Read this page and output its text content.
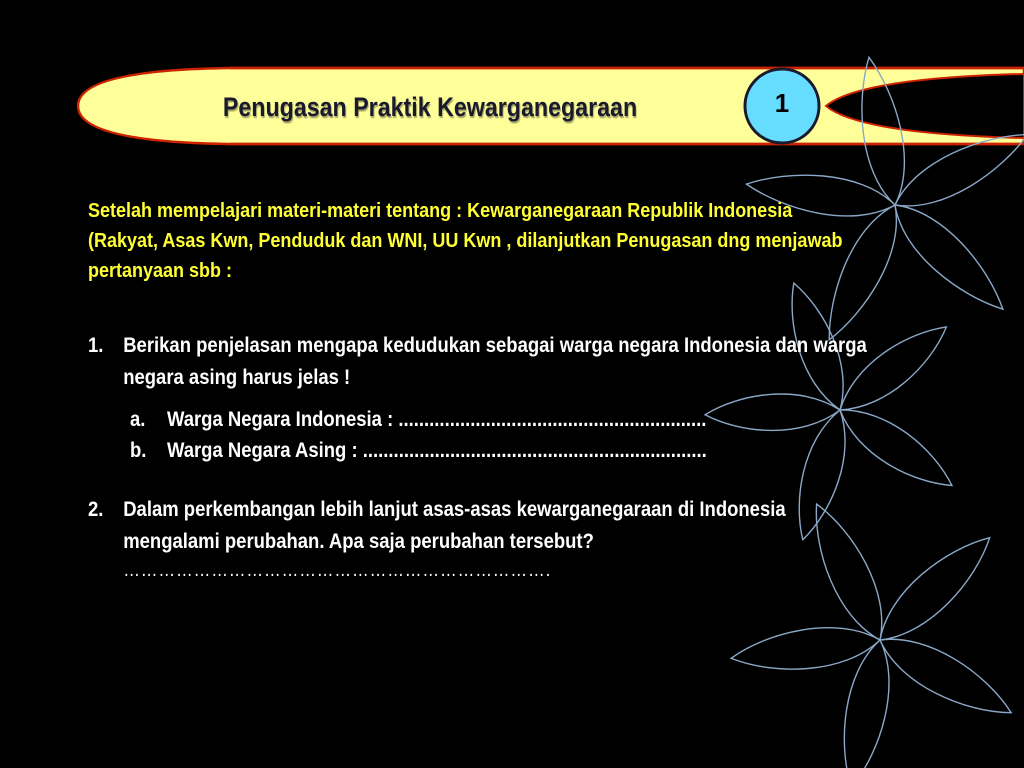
Penugasan Praktik Kewarganegaraan	1
Setelah mempelajari materi-materi tentang : Kewarganegaraan Republik Indonesia (Rakyat, Asas Kwn, Penduduk dan WNI, UU Kwn , dilanjutkan Penugasan dng menjawab pertanyaan sbb :
1. Berikan penjelasan mengapa kedudukan sebagai warga negara Indonesia dan warga negara asing harus jelas !
a. Warga Negara Indonesia : ............................................................
b. Warga Negara Asing : ...................................................................
2. Dalam perkembangan lebih lanjut asas-asas kewarganegaraan di Indonesia mengalami perubahan. Apa saja perubahan tersebut?
……………………………………………………………….
